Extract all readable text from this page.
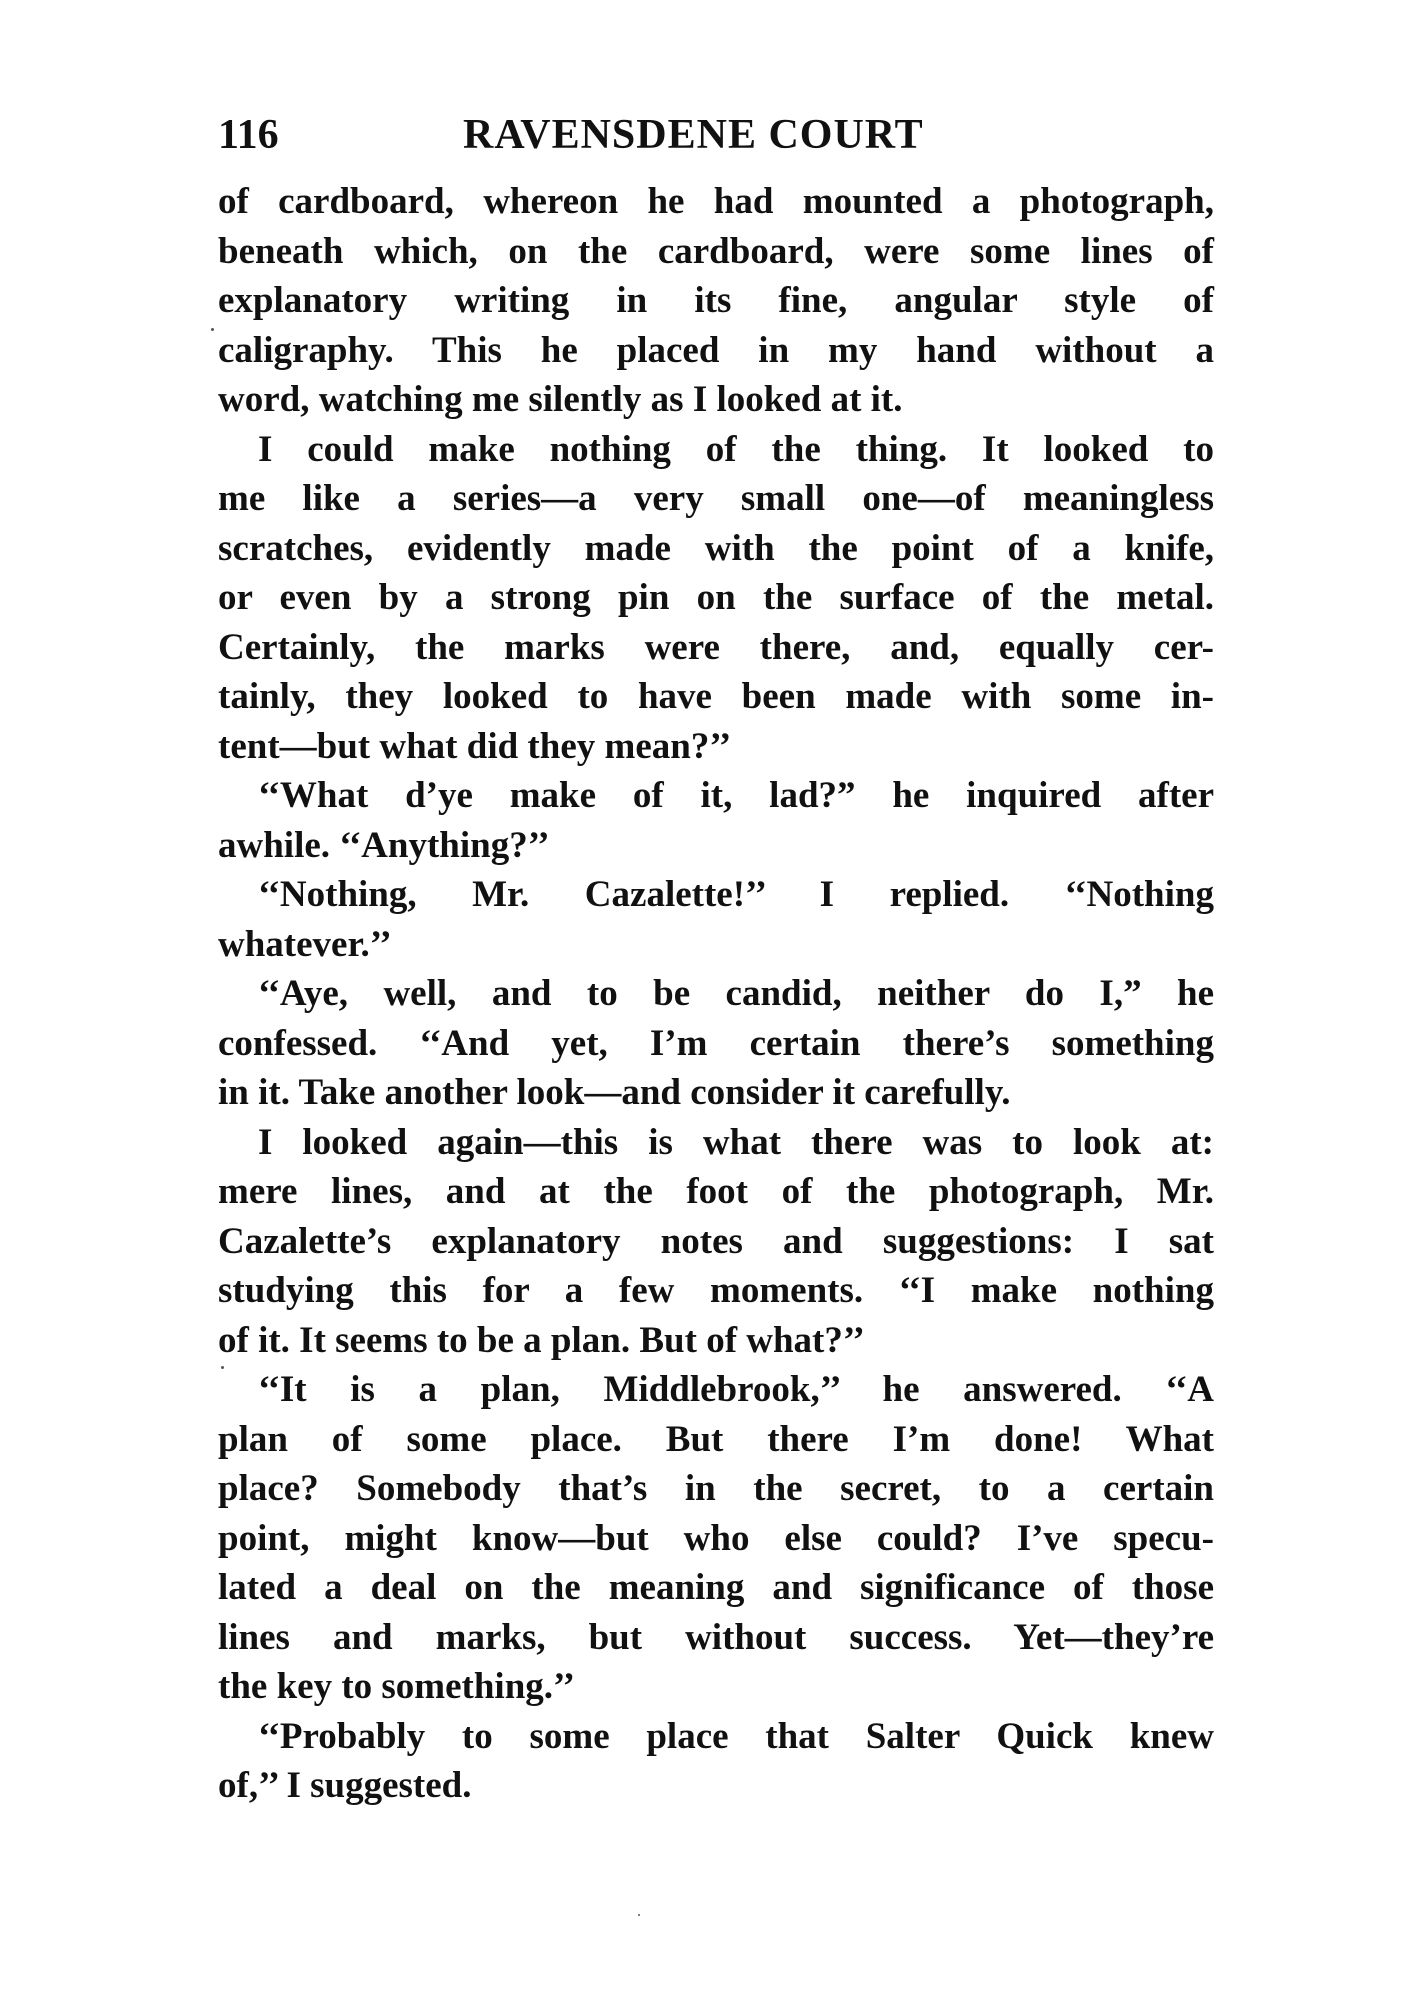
116	RAVENSDENE COURT
of cardboard, whereon he had mounted a photograph,
beneath which, on the cardboard, were some lines of
explanatory writing in its fine, angular style of
caligraphy. This he placed in my hand without a
word, watching me silently as I looked at it.
I could make nothing of the thing. It looked to
me like a series—a very small one—of meaningless
scratches, evidently made with the point of a knife,
or even by a strong pin on the surface of the metal.
Certainly, the marks were there, and, equally cer-
tainly, they looked to have been made with some in-
tent—but what did they mean?’’
‘‘What d’ye make of it, lad?” he inquired after
awhile. ‘‘Anything?’’
‘‘Nothing, Mr. Cazalette!’’ I replied. ‘‘Nothing
whatever.’’
‘‘Aye, well, and to be candid, neither do I,” he
confessed. ‘‘And yet, I’m certain there’s something
in it. Take another look—and consider it carefully.
I looked again—this is what there was to look at:
mere lines, and at the foot of the photograph, Mr.
Cazalette’s explanatory notes and suggestions: I sat
studying this for a few moments. ‘‘I make nothing
of it. It seems to be a plan. But of what?’’
‘‘It is a plan, Middlebrook,’’ he answered. ‘‘A
plan of some place. But there I’m done! What
place? Somebody that’s in the secret, to a certain
point, might know—but who else could? I’ve specu-
lated a deal on the meaning and significance of those
lines and marks, but without success. Yet—they’re
the key to something.’’
‘‘Probably to some place that Salter Quick knew
of,’’ I suggested.
